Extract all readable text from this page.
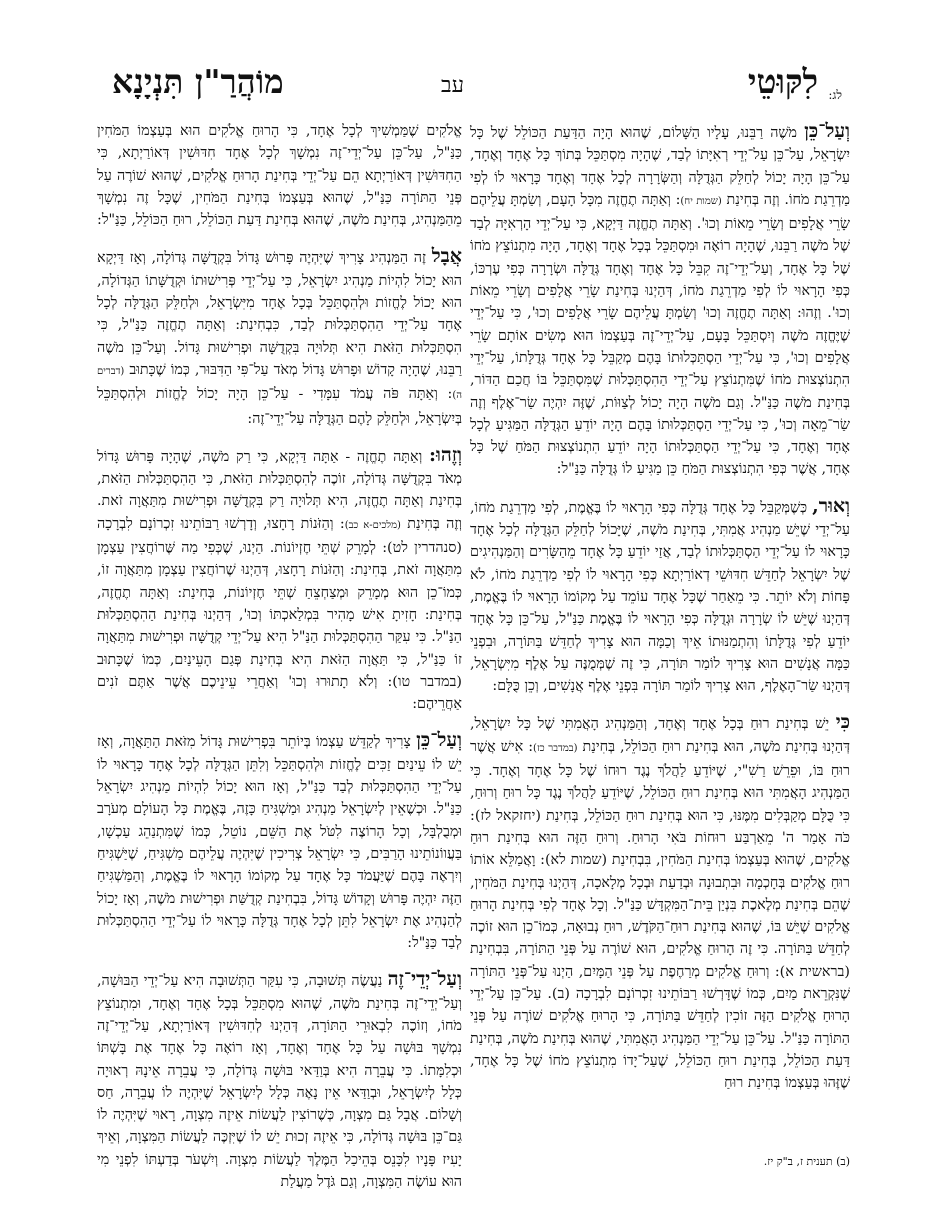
לִקּוּטֵי
עב
מוֹהֲרַ"ן תִּנְיָנָא	לג:

וְעַל־כֵּן מֹשֶׁה רַבֵּנוּ, עָלָיו הַשָּׁלוֹם, שֶׁהוּא הָיָה הַדַּעַת הַכּוֹלֵל שֶׁל כָּל יִשְׂרָאֵל, עַל־כֵּן עַל־יְדֵי רְאִיָּתוֹ לְבַד, שֶׁהָיָה מִסְתַּכֵּל בְּתוֹךְ כָּל אֶחָד וְאֶחָד, עַל־כֵּן הָיָה יָכוֹל לְחַלֵּק הַגְּדֻלָּה וְהַשְּׂרָרָה לְכָל אֶחָד וְאֶחָד כָּרָאוּי לוֹ לְפִי מַדְרֵגַת מֹחוֹ. וְזֶה בְּחִינַת (שמות יח): וְאַתָּה תֶחֱזֶה מִכָּל הָעָם, וְשַׂמְתָּ עֲלֵיהֶם שָׂרֵי אֲלָפִים וְשָׂרֵי מֵאוֹת וְכוּ'. וְאַתָּה תֶחֱזֶה דַּיְקָא, כִּי עַל־יְדֵי הָרְאִיָּה לְבַד שֶׁל מֹשֶׁה רַבֵּנוּ, שֶׁהָיָה רוֹאֶה וּמִסְתַּכֵּל בְּכָל אֶחָד וְאֶחָד, הָיָה מִתְנוֹצֵץ מֹחוֹ שֶׁל כָּל אֶחָד, וְעַל־יְדֵי־זֶה קִבֵּל כָּל אֶחָד וְאֶחָד גְּדֻלָּה וּשְׂרָרָה כְּפִי עֶרְכּוֹ, כְּפִי הָרָאוּי לוֹ לְפִי מַדְרֵגַת מֹחוֹ, דְּהַיְנוּ בְּחִינַת שָׂרֵי אֲלָפִים וְשָׂרֵי מֵאוֹת וְכוּ'. וְזֶהוּ: וְאַתָּה תֶחֱזֶה וְכוּ' וְשַׂמְתָּ עֲלֵיהֶם שָׂרֵי אֲלָפִים וְכוּ', כִּי עַל־יְדֵי שֶׁיֶּחֱזֶה מֹשֶׁה וְיִסְתַּכֵּל בָּעָם, עַל־יְדֵי־זֶה בְּעַצְמוֹ הוּא מְשִׂים אוֹתָם שָׂרֵי אֲלָפִים וְכוּ', כִּי עַל־יְדֵי הַסְתַּכְּלוּתוֹ בָּהֶם מְקַבֵּל כָּל אֶחָד גְּדֻלָּתוֹ, עַל־יְדֵי הִתְנוֹצְצוּת מֹחוֹ שֶׁמִּתְנוֹצֵץ עַל־יְדֵי הַהִסְתַּכְּלוּת שֶׁמִּסְתַּכֵּל בּוֹ חֲכַם הַדּוֹר, בְּחִינַת מֹשֶׁה כַּנַּ"ל. וְגַם מֹשֶׁה הָיָה יָכוֹל לְצַוּוֹת, שֶׁזֶּה יִהְיֶה שַׂר־אֶלֶף וְזֶה שַׂר־מֵאָה וְכוּ', כִּי עַל־יְדֵי הַסְתַּכְּלוּתוֹ בָּהֶם הָיָה יוֹדֵעַ הַגְּדֻלָּה הַמַּגִּיעַ לְכָל אֶחָד וְאֶחָד, כִּי עַל־יְדֵי הַסְתַּכְּלוּתוֹ הָיָה יוֹדֵעַ הִתְנוֹצְצוּת הַמֹּחַ שֶׁל כָּל אֶחָד, אֲשֶׁר כְּפִי הִתְנוֹצְצוּת הַמֹּחַ כֵּן מַגִּיעַ לוֹ גְּדֻלָּה כַּנַּ"ל:

וְאוּר, כְּשֶׁמְּקַבֵּל כָּל אֶחָד גְּדֻלָּה כְּפִי הָרָאוּי לוֹ בֶּאֱמֶת, לְפִי מַדְרֵגַת מֹחוֹ, עַל־יְדֵי שֶׁיֵּשׁ מַנְהִיג אֲמִתִּי, בְּחִינַת מֹשֶׁה, שֶׁיָּכוֹל לְחַלֵּק הַגְּדֻלָּה לְכָל אֶחָד כָּרָאוּי לוֹ עַל־יְדֵי הַסְתַּכְּלוּתוֹ לְבַד, אֲזַי יוֹדֵעַ כָּל אֶחָד מֵהַשָּׂרִים וְהַמַּנְהִיגִים שֶׁל יִשְׂרָאֵל לְחַדֵּשׁ חִדּוּשֵׁי דְאוֹרַיְתָא כְּפִי הָרָאוּי לוֹ לְפִי מַדְרֵגַת מֹחוֹ, לֹא פָּחוֹת וְלֹא יוֹתֵר. כִּי מֵאַחַר שֶׁכָּל אֶחָד עוֹמֵד עַל מְקוֹמוֹ הָרָאוּי לוֹ בֶּאֱמֶת, דְּהַיְנוּ שֶׁיֵּשׁ לוֹ שְׂרָרָה וּגְדֻלָּה כְּפִי הָרָאוּי לוֹ בֶּאֱמֶת כַּנַּ"ל, עַל־כֵּן כָּל אֶחָד יוֹדֵעַ לְפִי גְּדֻלָּתוֹ וְהִתְמַנּוּתוֹ אֵיךְ וְכַמָּה הוּא צָרִיךְ לְחַדֵּשׁ בַּתּוֹרָה, וּבִפְנֵי כַּמָּה אֲנָשִׁים הוּא צָרִיךְ לוֹמַר תּוֹרָה, כִּי זֶה שֶׁמְּמֻנֶּה עַל אֶלֶף מִיִּשְׂרָאֵל, דְּהַיְנוּ שַׂר־הָאֶלֶף, הוּא צָרִיךְ לוֹמַר תּוֹרָה בִּפְנֵי אֶלֶף אֲנָשִׁים, וְכֵן כֻּלָּם:

כִּי יֵשׁ בְּחִינַת רוּחַ בְּכָל אֶחָד וְאֶחָד, וְהַמַּנְהִיג הָאֲמִתִּי שֶׁל כָּל יִשְׂרָאֵל, דְּהַיְנוּ בְּחִינַת מֹשֶׁה, הוּא בְּחִינַת רוּחַ הַכּוֹלֵל, בְּחִינַת (במדבר כז): אִישׁ אֲשֶׁר רוּחַ בּוֹ, וּפֵרֵשׁ רַשִׁ"י, שֶׁיּוֹדֵעַ לַהֲלֹךְ נֶגֶד רוּחוֹ שֶׁל כָּל אֶחָד וְאֶחָד. כִּי הַמַּנְהִיג הָאֲמִתִּי הוּא בְּחִינַת רוּחַ הַכּוֹלֵל, שֶׁיּוֹדֵעַ לַהֲלֹךְ נֶגֶד כָּל רוּחַ וְרוּחַ, כִּי כֻּלָּם מְקַבְּלִים מִמֶּנּוּ, כִּי הוּא בְּחִינַת רוּחַ הַכּוֹלֵל, בְּחִינַת (יחזקאל לז): כֹּה אָמַר ה' מֵאַרְבַּע רוּחוֹת בֹּאִי הָרוּחַ. וְרוּחַ הַזֶּה הוּא בְּחִינַת רוּחַ אֱלֹקִים, שֶׁהוּא בְּעַצְמוֹ בְּחִינַת הַמֹּחִין, בִּבְחִינַת (שמות לא): וָאֲמַלֵּא אוֹתוֹ רוּחַ אֱלֹקִים בְּחָכְמָה וּבִתְבוּנָה וּבְדַעַת וּבְכָל מְלָאכָה, דְּהַיְנוּ בְּחִינַת הַמֹּחִין, שֶׁהֵם בְּחִינַת מְלֶאכֶת בִּנְיַן בֵּית־הַמִּקְדָּשׁ כַּנַּ"ל. וְכָל אֶחָד לְפִי בְּחִינַת הָרוּחַ אֱלֹקִים שֶׁיֵּשׁ בּוֹ, שֶׁהוּא בְּחִינַת רוּחַ־הַקֹּדֶשׁ, רוּחַ נְבוּאָה, כְּמוֹ־כֵן הוּא זוֹכֶה לְחַדֵּשׁ בַּתּוֹרָה. כִּי זֶה הָרוּחַ אֱלֹקִים, הוּא שׁוֹרֶה עַל פְּנֵי הַתּוֹרָה, בִּבְחִינַת (בראשית א): וְרוּחַ אֱלֹקִים מְרַחֶפֶת עַל פְּנֵי הַמָּיִם, הַיְנוּ עַל־פְּנֵי הַתּוֹרָה שֶׁנִּקְרֵאת מַיִם, כְּמוֹ שֶׁדָּרְשׁוּ רַבּוֹתֵינוּ זִכְרוֹנָם לִבְרָכָה (ב). עַל־כֵּן עַל־יְדֵי הָרוּחַ אֱלֹקִים הַזֶּה זוֹכִין לְחַדֵּשׁ בַּתּוֹרָה, כִּי הָרוּחַ אֱלֹקִים שׁוֹרֶה עַל פְּנֵי הַתּוֹרָה כַּנַּ"ל. עַל־כֵּן עַל־יְדֵי הַמַּנְהִיג הָאֲמִתִּי, שֶׁהוּא בְּחִינַת מֹשֶׁה, בְּחִינַת דַּעַת הַכּוֹלֵל, בְּחִינַת רוּחַ הַכּוֹלֵל, שֶׁעַל־יָדוֹ מִתְנוֹצֵץ מֹחוֹ שֶׁל כָּל אֶחָד, שֶׁזֶּהוּ בְּעַצְמוֹ בְּחִינַת רוּחַ

אֱלֹקִים שֶׁמַּמְשִׁיךְ לְכָל אֶחָד, כִּי הָרוּחַ אֱלֹקִים הוּא בְּעַצְמוֹ הַמֹּחִין כַּנַּ"ל, עַל־כֵּן עַל־יְדֵי־זֶה נִמְשָׁךְ לְכָל אֶחָד חִדּוּשִׁין דְּאוֹרַיְתָא, כִּי הַחִדּוּשִׁין דְּאוֹרַיְתָא הֵם עַל־יְדֵי בְּחִינַת הָרוּחַ אֱלֹקִים, שֶׁהוּא שׁוֹרֶה עַל פְּנֵי הַתּוֹרָה כַּנַּ"ל, שֶׁהוּא בְּעַצְמוֹ בְּחִינַת הַמֹּחִין, שֶׁכָּל זֶה נִמְשָׁךְ מֵהַמַּנְהִיג, בְּחִינַת מֹשֶׁה, שֶׁהוּא בְּחִינַת דַּעַת הַכּוֹלֵל, רוּחַ הַכּוֹלֵל, כַּנַּ"ל:

אֲבָל זֶה הַמַּנְהִיג צָרִיךְ שֶׁיִּהְיֶה פָּרוּשׁ גָּדוֹל בִּקְדֻשָּׁה גְּדוֹלָה, וְאָז דַּיְקָא הוּא יָכוֹל לִהְיוֹת מַנְהִיג יִשְׂרָאֵל, כִּי עַל־יְדֵי פְּרִישׁוּתוֹ וּקְדֻשָּׁתוֹ הַגְּדוֹלָה, הוּא יָכוֹל לֶחֱזוֹת וּלְהִסְתַּכֵּל בְּכָל אֶחָד מִיִּשְׂרָאֵל, וּלְחַלֵּק הַגְּדֻלָּה לְכָל אֶחָד עַל־יְדֵי הַהִסְתַּכְּלוּת לְבַד, כִּבְחִינַת: וְאַתָּה תֶחֱזֶה כַּנַּ"ל, כִּי הִסְתַּכְּלוּת הַזֹּאת הִיא תְּלוּיָה בִּקְדֻשָּׁה וּפְרִישׁוּת גָּדוֹל. וְעַל־כֵּן מֹשֶׁה רַבֵּנוּ, שֶׁהָיָה קָדוֹשׁ וּפָרוּשׁ גָּדוֹל מְאֹד עַל־פִּי הַדִּבּוּר, כְּמוֹ שֶׁכָּתוּב (דברים ה): וְאַתָּה פֹּה עֲמֹד עִמָּדִי - עַל־כֵּן הָיָה יָכוֹל לֶחֱזוֹת וּלְהִסְתַּכֵּל בְּיִשְׂרָאֵל, וּלְחַלֵּק לָהֶם הַגְּדֻלָּה עַל־יְדֵי־זֶה:

וְזֶהוּ: וְאַתָּה תֶחֱזֶה - אַתָּה דַּיְקָא, כִּי רַק מֹשֶׁה, שֶׁהָיָה פָּרוּשׁ גָּדוֹל מְאֹד בִּקְדֻשָּׁה גְּדוֹלָה, זוֹכֶה לְהִסְתַּכְּלוּת הַזֹּאת, כִּי הַהִסְתַּכְּלוּת הַזֹּאת, בְּחִינַת וְאַתָּה תֶחֱזֶה, הִיא תְּלוּיָה רַק בִּקְדֻשָּׁה וּפְרִישׁוּת מִתַּאֲוָה זֹאת. וְזֶה בְּחִינַת (מלכים-א כב): וְהַזֹּנוֹת רָחָצוּ, וְדָרְשׁוּ רַבּוֹתֵינוּ זִכְרוֹנָם לִבְרָכָה (סנהדרין לט): לְמָרֵק שְׁתֵּי חֶזְיוֹנוֹת. הַיְנוּ, שֶׁכְּפִי מַה שֶּׁרוֹחֲצִין עַצְמָן מִתַּאֲוָה זֹאת, בְּחִינַת: וְהַזֹּנוֹת רָחָצוּ, דְּהַיְנוּ שֶׁרוֹחֲצִין עַצְמָן מִתַּאֲוָה זוֹ, כְּמוֹ־כֵן הוּא מְמָרֵק וּמְצַחְצֵחַ שְׁתֵּי חֶזְיוֹנוֹת, בְּחִינַת: וְאַתָּה תֶחֱזֶה, בְּחִינַת: חָזִיתָ אִישׁ מָהִיר בִּמְלַאכְתּוֹ וְכוּ', דְּהַיְנוּ בְּחִינַת הַהִסְתַּכְּלוּת הַנַּ"ל. כִּי עִקַּר הַהִסְתַּכְּלוּת הַנַּ"ל הִיא עַל־יְדֵי קְדֻשָּׁה וּפְרִישׁוּת מִתַּאֲוָה זוֹ כַּנַּ"ל, כִּי תַּאֲוָה הַזֹּאת הִיא בְּחִינַת פְּגַם הָעֵינַיִם, כְּמוֹ שֶׁכָּתוּב (במדבר טו): וְלֹא תָתוּרוּ וְכוּ' וְאַחֲרֵי עֵינֵיכֶם אֲשֶׁר אַתֶּם זֹנִים אַחֲרֵיהֶם:

וְעַל־כֵּן צָרִיךְ לְקַדֵּשׁ עַצְמוֹ בְּיוֹתֵר בִּפְרִישׁוּת גָּדוֹל מִזֹּאת הַתַּאֲוָה, וְאָז יֵשׁ לוֹ עֵינַיִם זַכִּים לֶחֱזוֹת וּלְהִסְתַּכֵּל וְלִתֵּן הַגְּדֻלָּה לְכָל אֶחָד כָּרָאוּי לוֹ עַל־יְדֵי הַהִסְתַּכְּלוּת לְבַד כַּנַּ"ל, וְאָז הוּא יָכוֹל לִהְיוֹת מַנְהִיג יִשְׂרָאֵל כַּנַּ"ל. וּכְשֶׁאֵין לְיִשְׂרָאֵל מַנְהִיג וּמַשְׁגִּיחַ כָּזֶה, בֶּאֱמֶת כָּל הָעוֹלָם מְעֹרָב וּמְבֻלְבָּל, וְכָל הָרוֹצֶה לִטֹּל אֶת הַשֵּׁם, נוֹטֵל, כְּמוֹ שֶׁמִּתְנַהֵג עַכְשָׁו, בַּעֲווֹנוֹתֵינוּ הָרַבִּים, כִּי יִשְׂרָאֵל צְרִיכִין שֶׁיִּהְיֶה עֲלֵיהֶם מַשְׁגִּיחַ, שֶׁיַּשְׁגִּיחַ וְיִרְאֶה בָּהֶם שֶׁיַּעֲמֹד כָּל אֶחָד עַל מְקוֹמוֹ הָרָאוּי לוֹ בֶּאֱמֶת, וְהַמַּשְׁגִּיחַ הַזֶּה יִהְיֶה פָּרוּשׁ וְקָדוֹשׁ גָּדוֹל, בִּבְחִינַת קְדֻשַּׁת וּפְרִישׁוּת מֹשֶׁה, וְאָז יָכוֹל לְהַנְהִיג אֶת יִשְׂרָאֵל לִתֵּן לְכָל אֶחָד גְּדֻלָּה כָּרָאוּי לוֹ עַל־יְדֵי הַהִסְתַּכְּלוּת לְבַד כַּנַּ"ל:

וְעַל־יְדֵי־זֶה נַעֲשֶׂה תְּשׁוּבָה, כִּי עִקַּר הַתְּשׁוּבָה הִיא עַל־יְדֵי הַבּוּשָׁה, וְעַל־יְדֵי־זֶה בְּחִינַת מֹשֶׁה, שֶׁהוּא מִסְתַּכֵּל בְּכָל אֶחָד וְאֶחָד, וּמִתְנוֹצֵץ מֹחוֹ, וְזוֹכֶה לִבְאוּרֵי הַתּוֹרָה, דְּהַיְנוּ לְחִדּוּשִׁין דְּאוֹרַיְתָא, עַל־יְדֵי־זֶה נִמְשָׁךְ בּוּשָׁה עַל כָּל אֶחָד וְאֶחָד, וְאָז רוֹאֶה כָּל אֶחָד אֶת בָּשְׁתּוֹ וּכְלִמָּתוֹ. כִּי עֲבֵרָה הִיא בְּוַדַּאי בּוּשָׁה גְּדוֹלָה, כִּי עֲבֵרָה אֵינָהּ רְאוּיָה כְּלָל לְיִשְׂרָאֵל, וּבְוַדַּאי אֵין נָאֶה כְּלָל לְיִשְׂרָאֵל שֶׁיִּהְיֶה לוֹ עֲבֵרָה, חַס וְשָׁלוֹם. אֲבָל גַּם מִצְוָה, כְּשֶׁרוֹצִין לַעֲשׂוֹת אֵיזֶה מִצְוָה, רָאוּי שֶׁיִּהְיֶה לוֹ גַּם־כֵּן בּוּשָׁה גְּדוֹלָה, כִּי אֵיזֶה זְכוּת יֵשׁ לוֹ שֶׁיִּזְכֶּה לַעֲשׂוֹת הַמִּצְוָה, וְאֵיךְ יָעִיז פָּנָיו לִכָּנֵס בְּהֵיכַל הַמֶּלֶךְ לַעֲשׂוֹת מִצְוָה. וְיִשְׁעֹר בְּדַעְתּוֹ לִפְנֵי מִי הוּא עוֹשֶׂה הַמִּצְוָה, וְגַם גֹּדֶל מַעֲלַת

(ב) תענית ז, ב"ק יז.
